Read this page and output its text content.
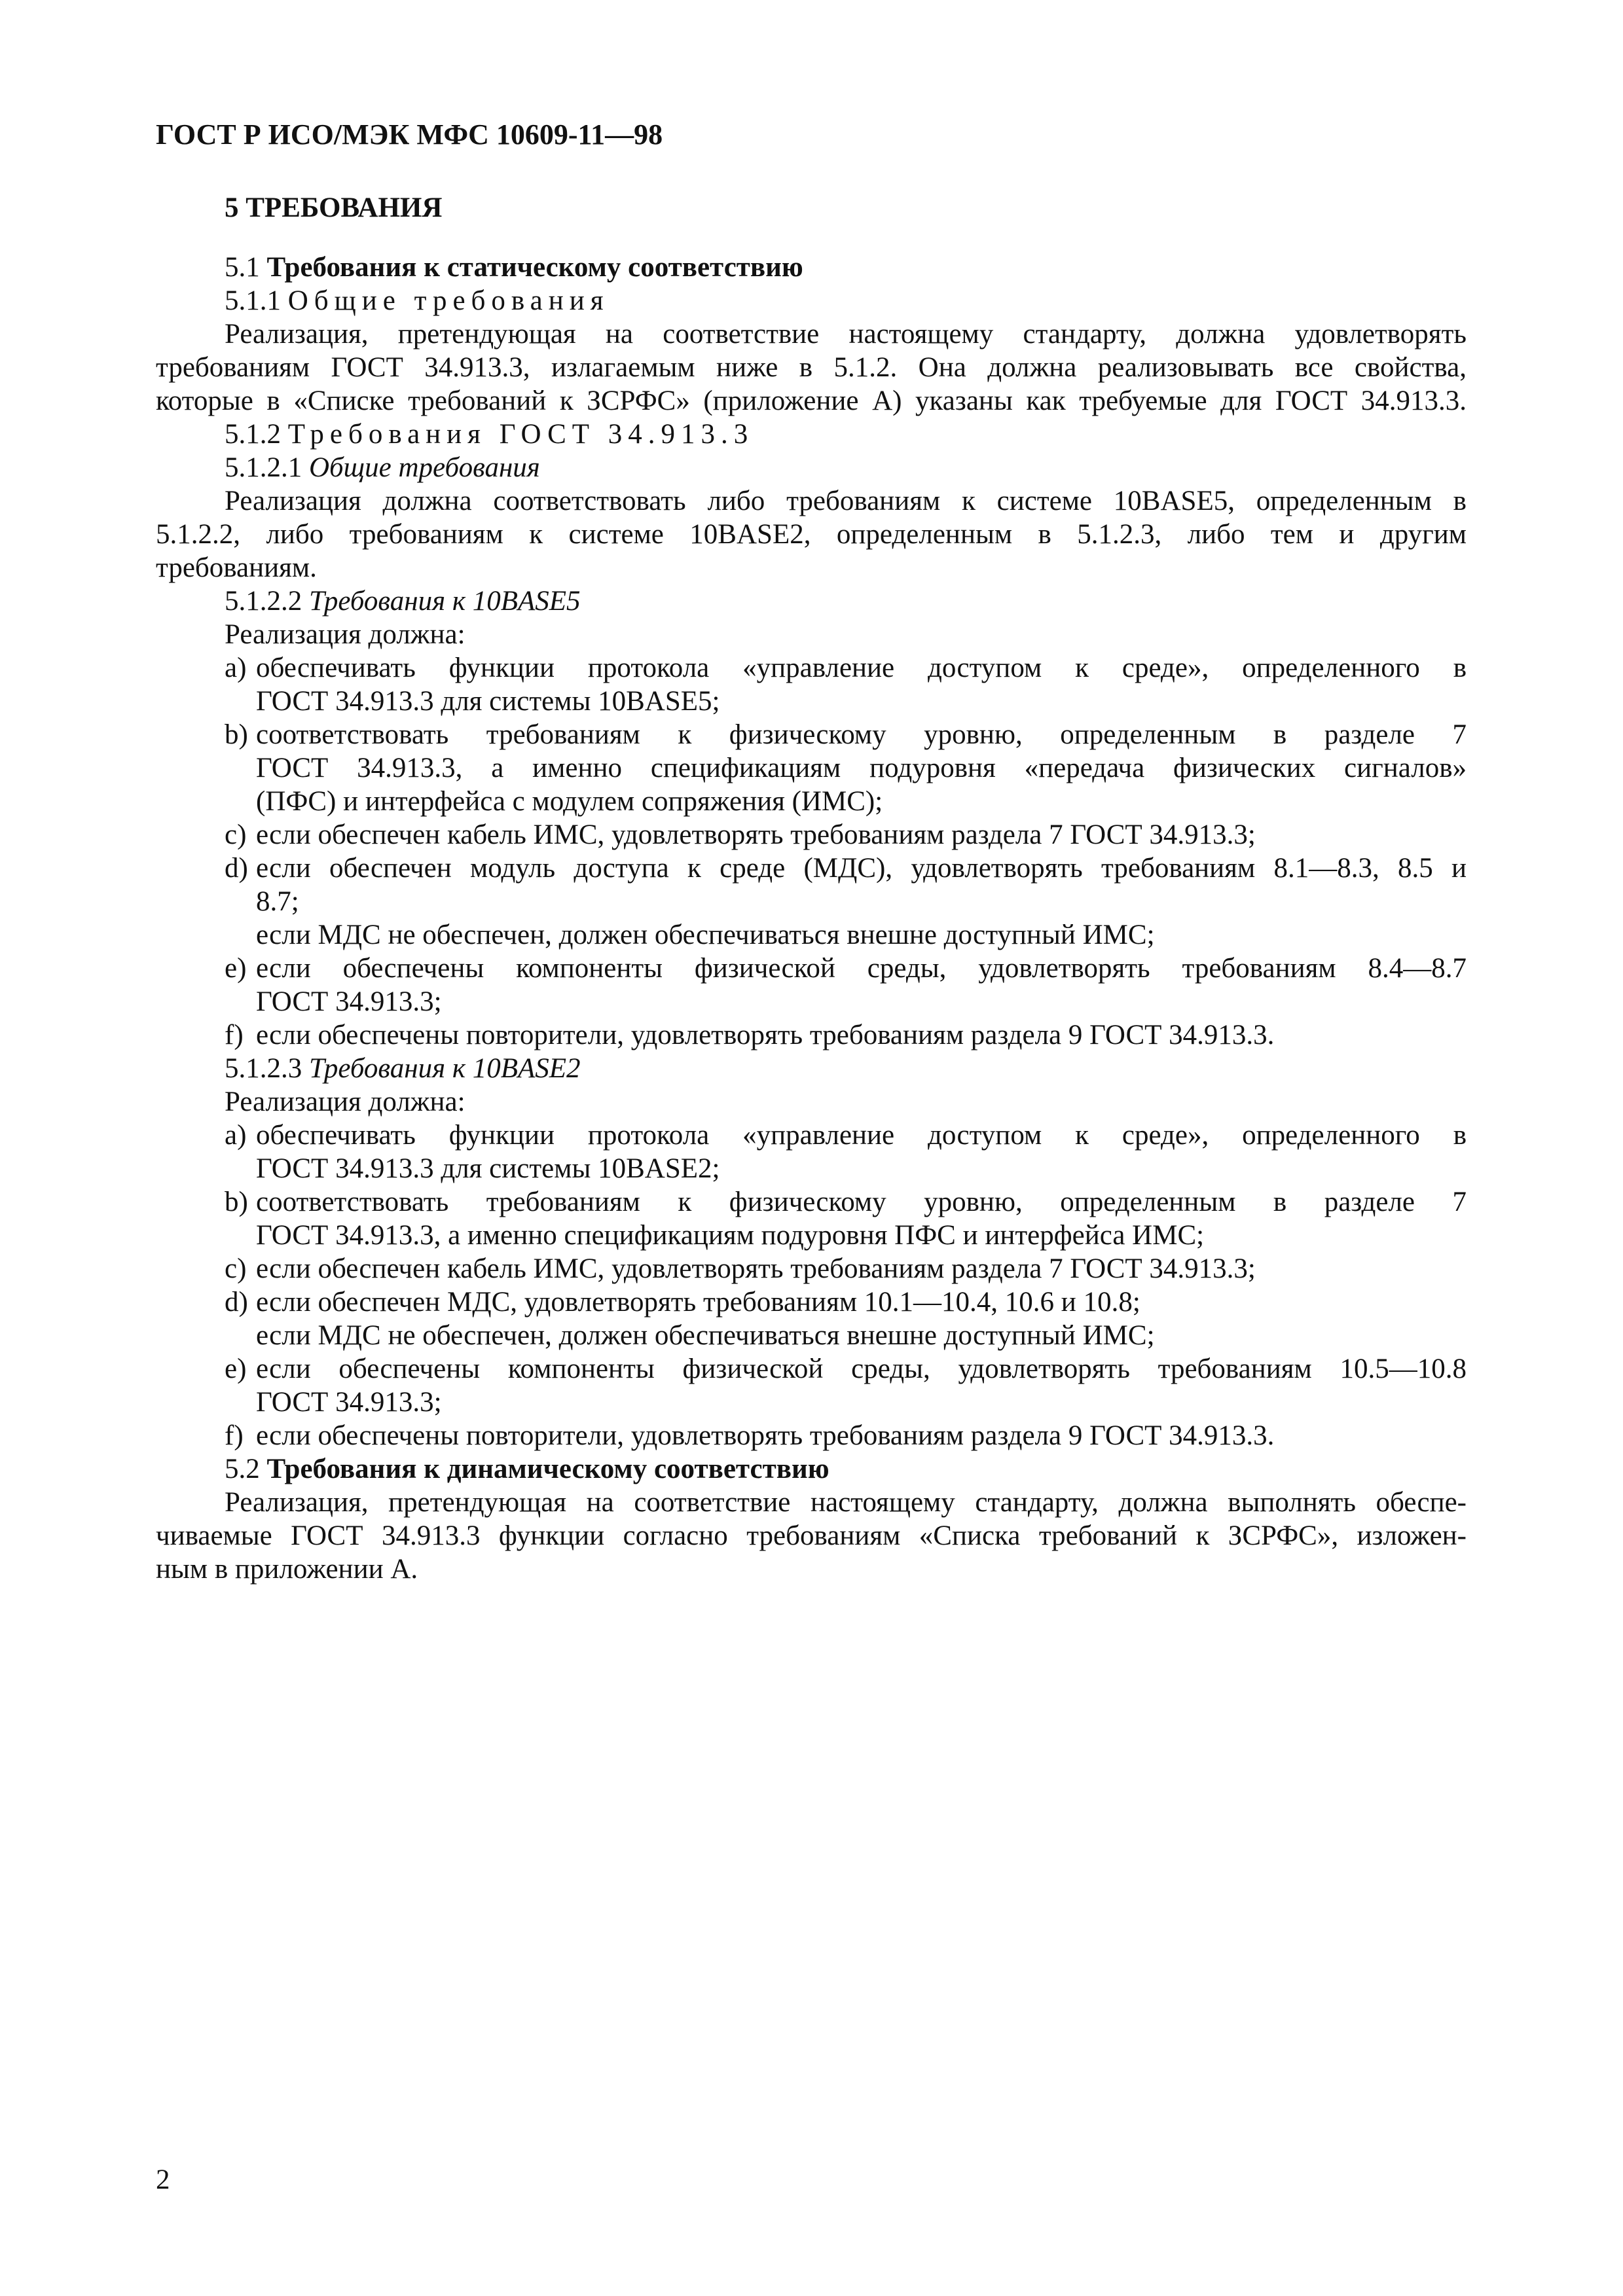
ГОСТ Р ИСО/МЭК МФС 10609-11—98

5 ТРЕБОВАНИЯ

5.1 Требования к статическому соответствию

5.1.1 Общие требования

Реализация, претендующая на соответствие настоящему стандарту, должна удовлетворять

требованиям ГОСТ 34.913.3, излагаемым ниже в 5.1.2. Она должна реализовывать все свойства,

которые в «Списке требований к ЗСРФС» (приложение А) указаны как требуемые для ГОСТ 34.913.3.

5.1.2 Требования ГОСТ 34.913.3

5.1.2.1 Общие требования

Реализация должна соответствовать либо требованиям к системе 10BASE5, определенным в

5.1.2.2, либо требованиям к системе 10BASE2, определенным в 5.1.2.3, либо тем и другим

требованиям.

5.1.2.2 Требования к 10BASE5

Реализация должна:

a) обеспечивать функции протокола «управление доступом к среде», определенного в

ГОСТ 34.913.3 для системы 10BASE5;

b) соответствовать требованиям к физическому уровню, определенным в разделе 7

ГОСТ 34.913.3, а именно спецификациям подуровня «передача физических сигналов»

(ПФС) и интерфейса с модулем сопряжения (ИМС);

c) если обеспечен кабель ИМС, удовлетворять требованиям раздела 7 ГОСТ 34.913.3;

d) если обеспечен модуль доступа к среде (МДС), удовлетворять требованиям 8.1—8.3, 8.5 и

8.7;

если МДС не обеспечен, должен обеспечиваться внешне доступный ИМС;

e) если обеспечены компоненты физической среды, удовлетворять требованиям 8.4—8.7

ГОСТ 34.913.3;

f) если обеспечены повторители, удовлетворять требованиям раздела 9 ГОСТ 34.913.3.

5.1.2.3 Требования к 10BASE2

Реализация должна:

a) обеспечивать функции протокола «управление доступом к среде», определенного в

ГОСТ 34.913.3 для системы 10BASE2;

b) соответствовать требованиям к физическому уровню, определенным в разделе 7

ГОСТ 34.913.3, а именно спецификациям подуровня ПФС и интерфейса ИМС;

c) если обеспечен кабель ИМС, удовлетворять требованиям раздела 7 ГОСТ 34.913.3;

d) если обеспечен МДС, удовлетворять требованиям 10.1—10.4, 10.6 и 10.8;

если МДС не обеспечен, должен обеспечиваться внешне доступный ИМС;

e) если обеспечены компоненты физической среды, удовлетворять требованиям 10.5—10.8

ГОСТ 34.913.3;

f) если обеспечены повторители, удовлетворять требованиям раздела 9 ГОСТ 34.913.3.

5.2 Требования к динамическому соответствию

Реализация, претендующая на соответствие настоящему стандарту, должна выполнять обеспе-

чиваемые ГОСТ 34.913.3 функции согласно требованиям «Списка требований к ЗСРФС», изложен-

ным в приложении А.

2
